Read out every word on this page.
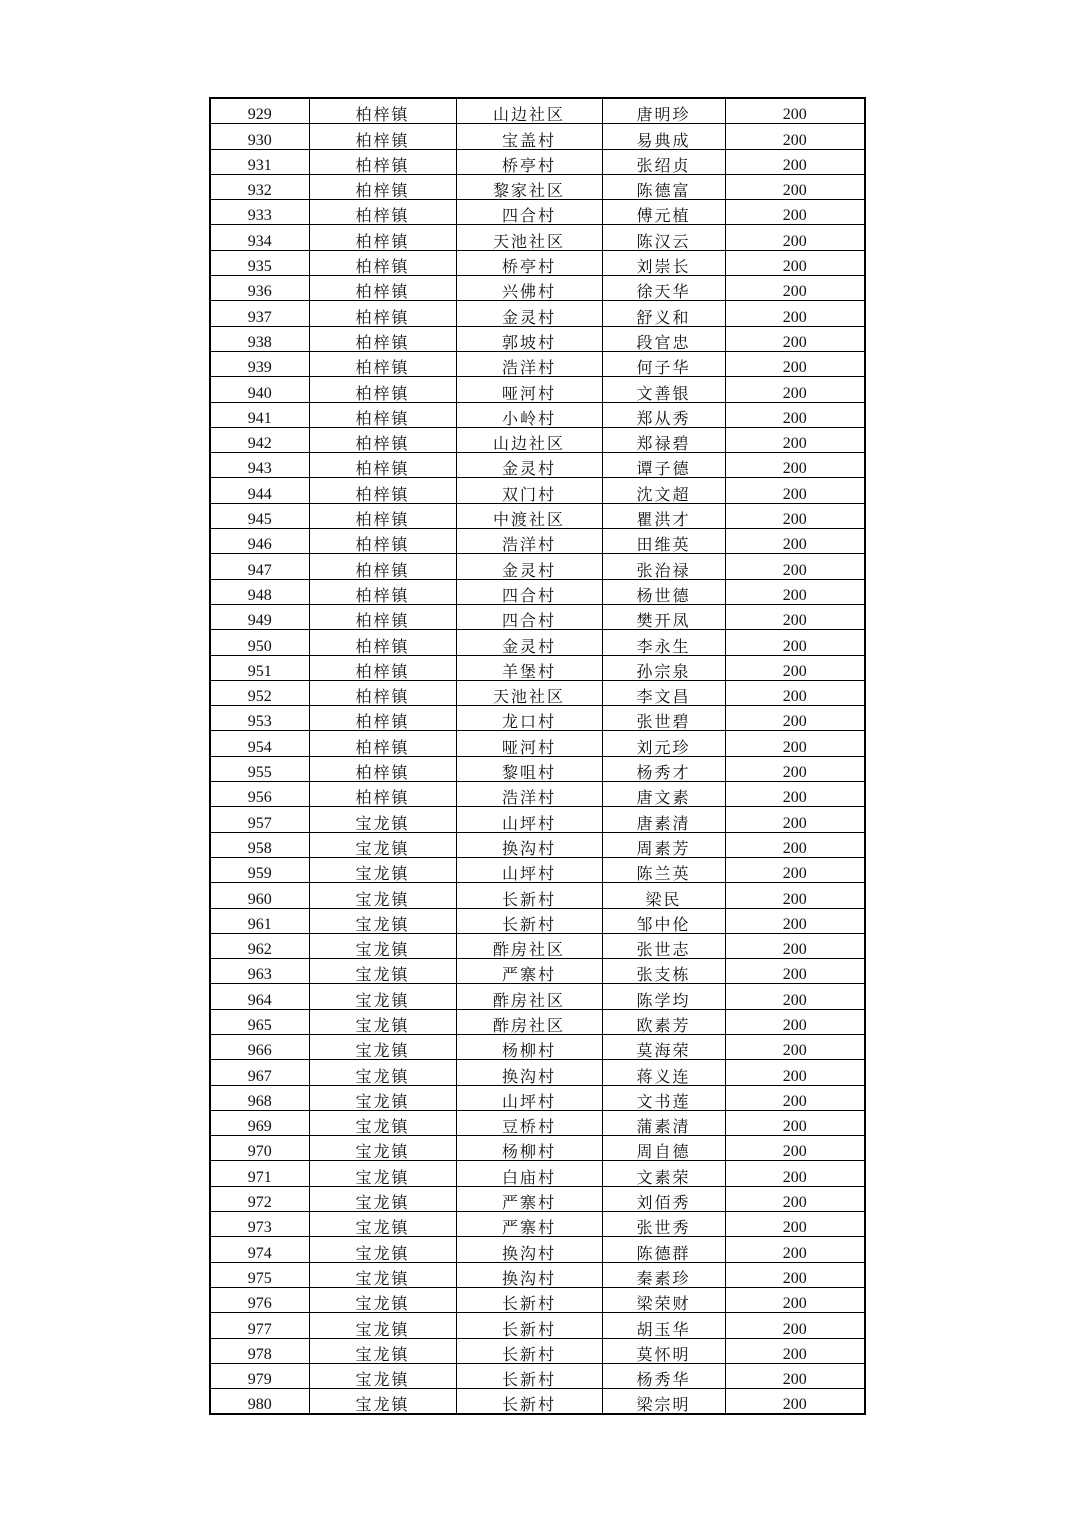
929	柏梓镇	山边社区	唐明珍	200
930	柏梓镇	宝盖村	易典成	200
931	柏梓镇	桥亭村	张绍贞	200
932	柏梓镇	黎家社区	陈德富	200
933	柏梓镇	四合村	傅元植	200
934	柏梓镇	天池社区	陈汉云	200
935	柏梓镇	桥亭村	刘崇长	200
936	柏梓镇	兴佛村	徐天华	200
937	柏梓镇	金灵村	舒义和	200
938	柏梓镇	郭坡村	段官忠	200
939	柏梓镇	浩洋村	何子华	200
940	柏梓镇	哑河村	文善银	200
941	柏梓镇	小岭村	郑从秀	200
942	柏梓镇	山边社区	郑禄碧	200
943	柏梓镇	金灵村	谭子德	200
944	柏梓镇	双门村	沈文超	200
945	柏梓镇	中渡社区	瞿洪才	200
946	柏梓镇	浩洋村	田维英	200
947	柏梓镇	金灵村	张治禄	200
948	柏梓镇	四合村	杨世德	200
949	柏梓镇	四合村	樊开凤	200
950	柏梓镇	金灵村	李永生	200
951	柏梓镇	羊堡村	孙宗泉	200
952	柏梓镇	天池社区	李文昌	200
953	柏梓镇	龙口村	张世碧	200
954	柏梓镇	哑河村	刘元珍	200
955	柏梓镇	黎咀村	杨秀才	200
956	柏梓镇	浩洋村	唐文素	200
957	宝龙镇	山坪村	唐素清	200
958	宝龙镇	换沟村	周素芳	200
959	宝龙镇	山坪村	陈兰英	200
960	宝龙镇	长新村	梁民	200
961	宝龙镇	长新村	邹中伦	200
962	宝龙镇	酢房社区	张世志	200
963	宝龙镇	严寨村	张支栋	200
964	宝龙镇	酢房社区	陈学均	200
965	宝龙镇	酢房社区	欧素芳	200
966	宝龙镇	杨柳村	莫海荣	200
967	宝龙镇	换沟村	蒋义连	200
968	宝龙镇	山坪村	文书莲	200
969	宝龙镇	豆桥村	蒲素清	200
970	宝龙镇	杨柳村	周自德	200
971	宝龙镇	白庙村	文素荣	200
972	宝龙镇	严寨村	刘佰秀	200
973	宝龙镇	严寨村	张世秀	200
974	宝龙镇	换沟村	陈德群	200
975	宝龙镇	换沟村	秦素珍	200
976	宝龙镇	长新村	梁荣财	200
977	宝龙镇	长新村	胡玉华	200
978	宝龙镇	长新村	莫怀明	200
979	宝龙镇	长新村	杨秀华	200
980	宝龙镇	长新村	梁宗明	200
